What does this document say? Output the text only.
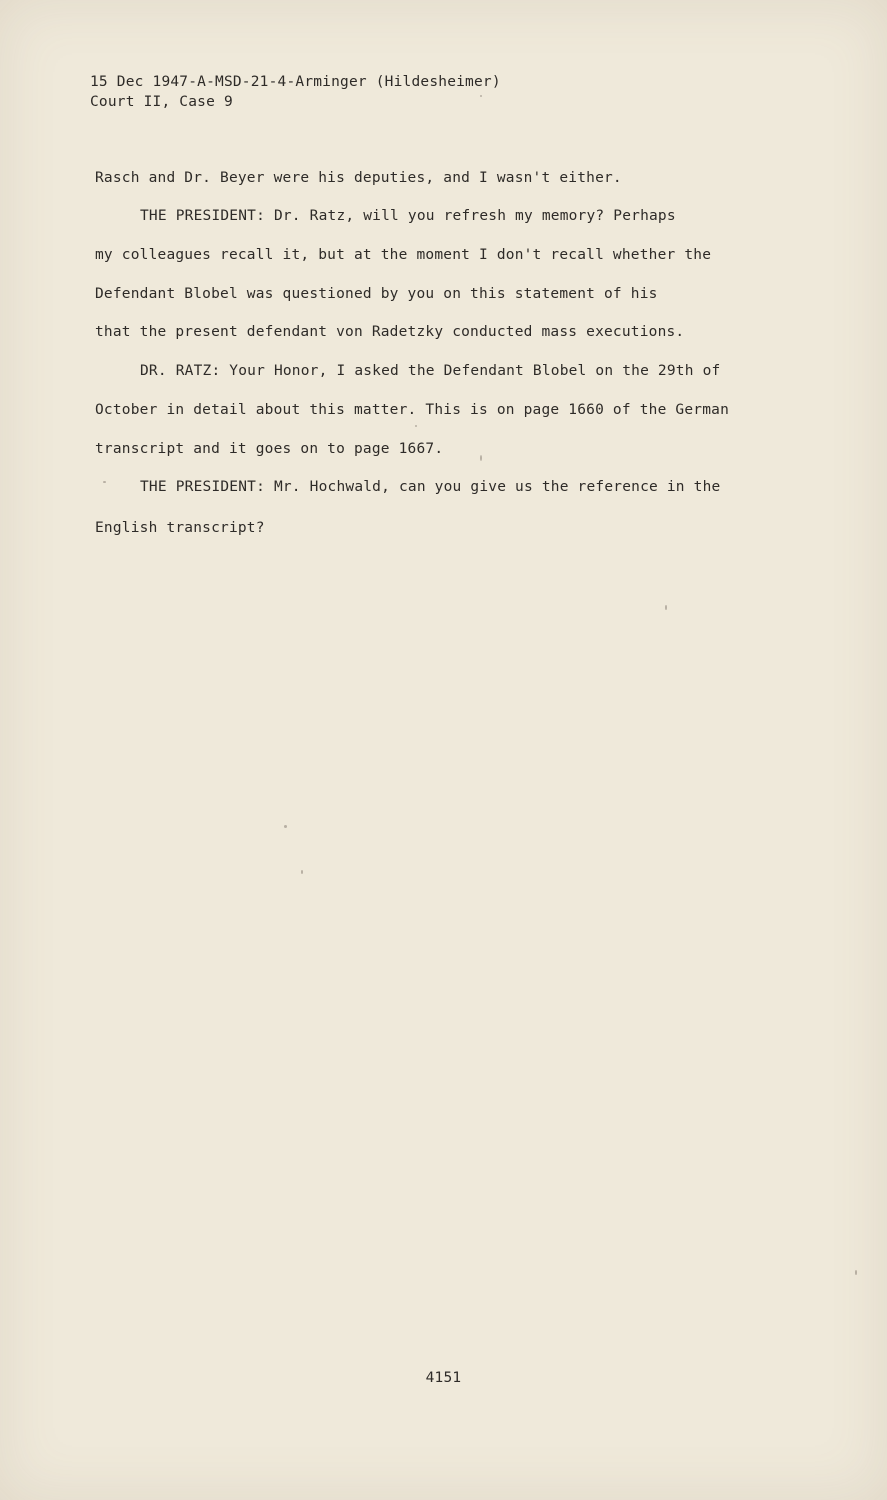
15 Dec 1947-A-MSD-21-4-Arminger (Hildesheimer)
Court II, Case 9
Rasch and Dr. Beyer were his deputies, and I wasn't either.
THE PRESIDENT: Dr. Ratz, will you refresh my memory? Perhaps
my colleagues recall it, but at the moment I don't recall whether the
Defendant Blobel was questioned by you on this statement of his
that the present defendant von Radetzky conducted mass executions.
DR. RATZ: Your Honor, I asked the Defendant Blobel on the 29th of
October in detail about this matter. This is on page 1660 of the German
transcript and it goes on to page 1667.
THE PRESIDENT: Mr. Hochwald, can you give us the reference in the
English transcript?
4151
